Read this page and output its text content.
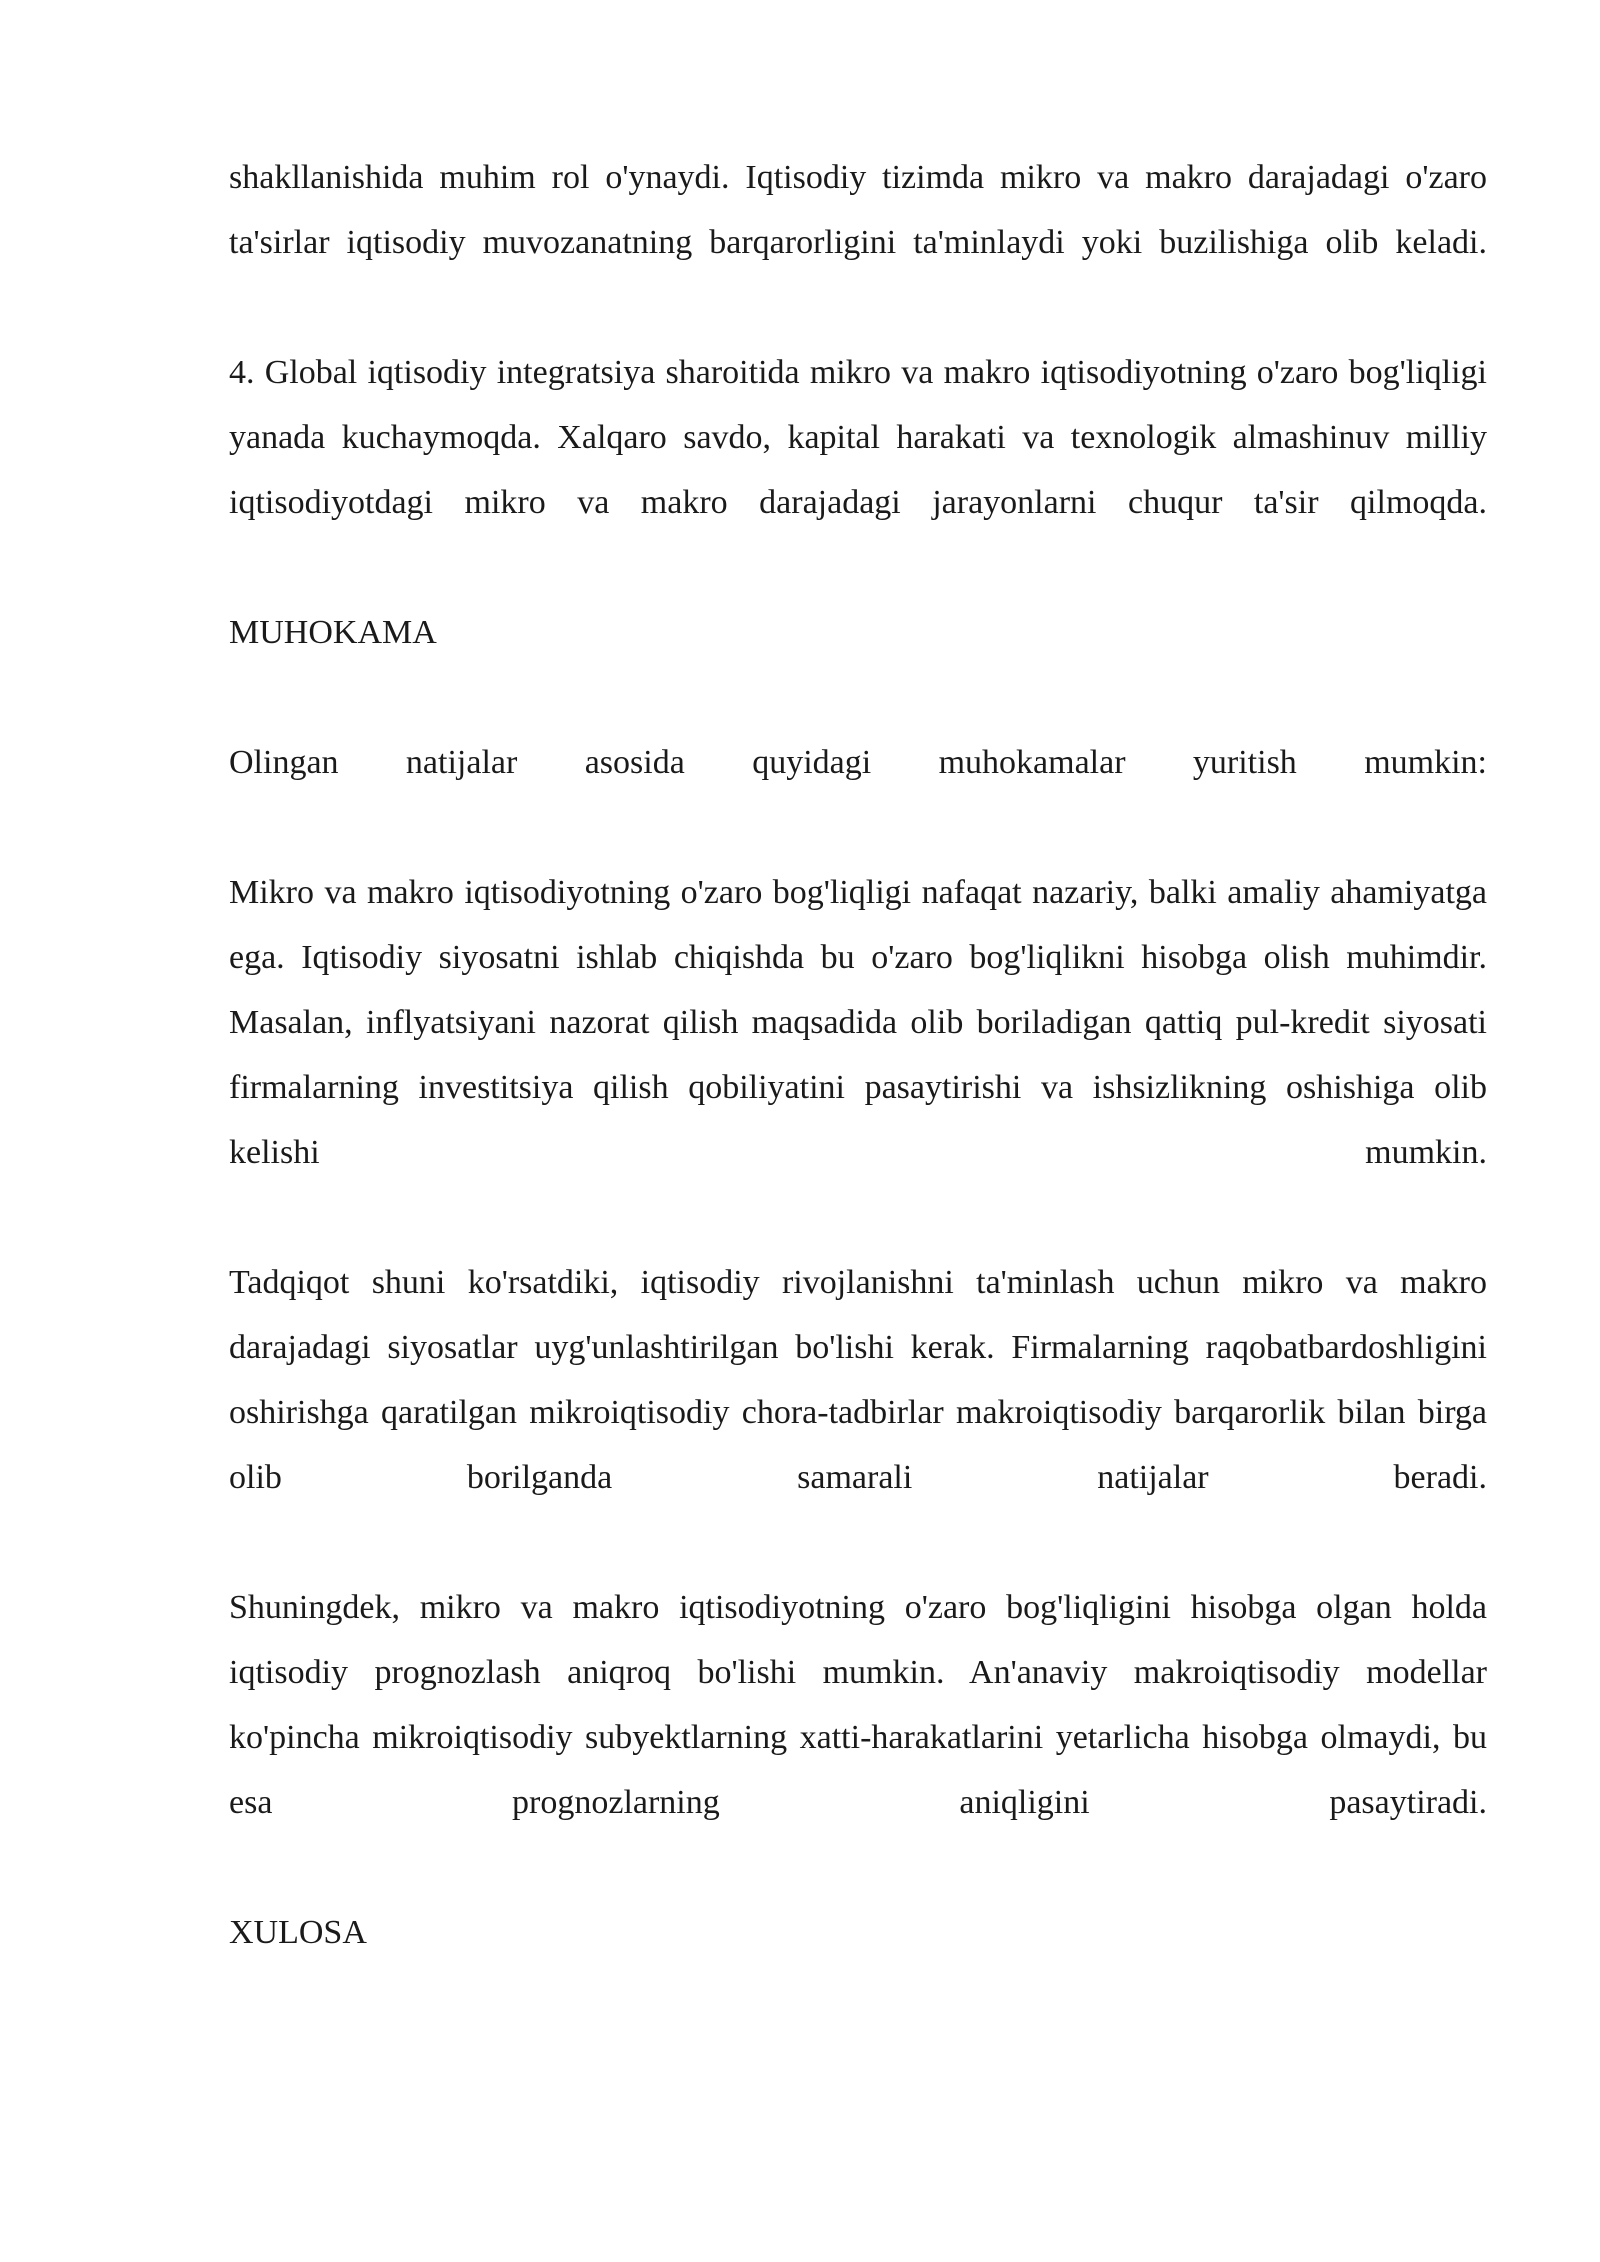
shakllanishida muhim rol o'ynaydi. Iqtisodiy tizimda mikro va makro darajadagi o'zaro ta'sirlar iqtisodiy muvozanatning barqarorligini ta'minlaydi yoki buzilishiga olib keladi.

4. Global iqtisodiy integratsiya sharoitida mikro va makro iqtisodiyotning o'zaro bog'liqligi yanada kuchaymoqda. Xalqaro savdo, kapital harakati va texnologik almashinuv milliy iqtisodiyotdagi mikro va makro darajadagi jarayonlarni chuqur ta'sir qilmoqda.

MUHOKAMA

Olingan natijalar asosida quyidagi muhokamalar yuritish mumkin:

Mikro va makro iqtisodiyotning o'zaro bog'liqligi nafaqat nazariy, balki amaliy ahamiyatga ega. Iqtisodiy siyosatni ishlab chiqishda bu o'zaro bog'liqlikni hisobga olish muhimdir. Masalan, inflyatsiyani nazorat qilish maqsadida olib boriladigan qattiq pul-kredit siyosati firmalarning investitsiya qilish qobiliyatini pasaytirishi va ishsizlikning oshishiga olib kelishi mumkin.

Tadqiqot shuni ko'rsatdiki, iqtisodiy rivojlanishni ta'minlash uchun mikro va makro darajadagi siyosatlar uyg'unlashtirilgan bo'lishi kerak. Firmalarning raqobatbardoshligini oshirishga qaratilgan mikroiqtisodiy chora-tadbirlar makroiqtisodiy barqarorlik bilan birga olib borilganda samarali natijalar beradi.

Shuningdek, mikro va makro iqtisodiyotning o'zaro bog'liqligini hisobga olgan holda iqtisodiy prognozlash aniqroq bo'lishi mumkin. An'anaviy makroiqtisodiy modellar ko'pincha mikroiqtisodiy subyektlarning xatti-harakatlarini yetarlicha hisobga olmaydi, bu esa prognozlarning aniqligini pasaytiradi.

XULOSA
